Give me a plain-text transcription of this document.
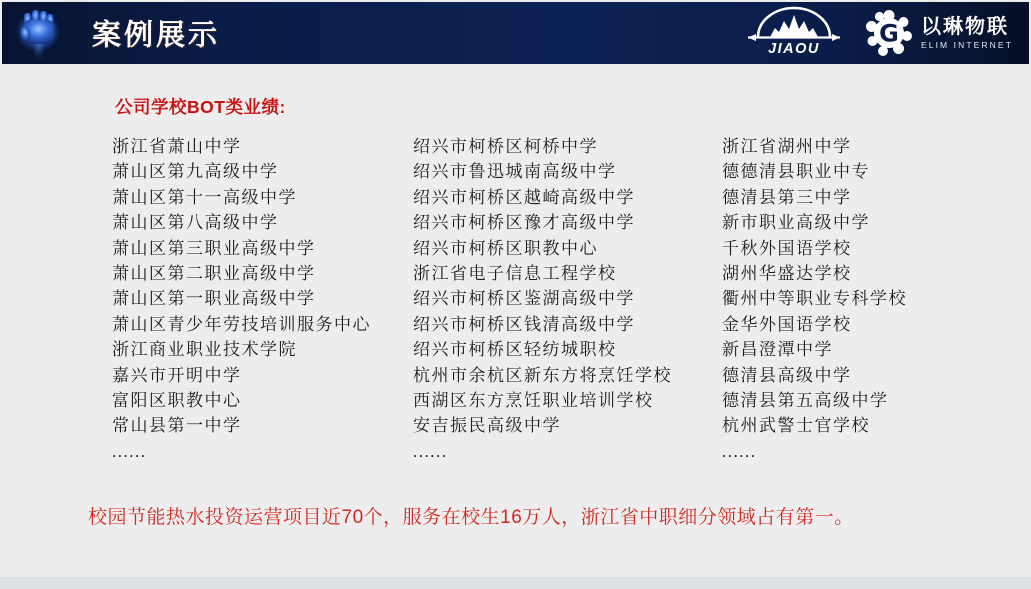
案例展示	JIAOU
G 以琳物联
ELIM INTERNET
公司学校BOT类业绩:
浙江省萧山中学
萧山区第九高级中学
萧山区第十一高级中学
萧山区第八高级中学
萧山区第三职业高级中学
萧山区第二职业高级中学
萧山区第一职业高级中学
萧山区青少年劳技培训服务中心
浙江商业职业技术学院
嘉兴市开明中学
富阳区职教中心
常山县第一中学
......
绍兴市柯桥区柯桥中学
绍兴市鲁迅城南高级中学
绍兴市柯桥区越崎高级中学
绍兴市柯桥区豫才高级中学
绍兴市柯桥区职教中心
浙江省电子信息工程学校
绍兴市柯桥区鉴湖高级中学
绍兴市柯桥区钱清高级中学
绍兴市柯桥区轻纺城职校
杭州市余杭区新东方将烹饪学校
西湖区东方烹饪职业培训学校
安吉振民高级中学
......
浙江省湖州中学
德德清县职业中专
德清县第三中学
新市职业高级中学
千秋外国语学校
湖州华盛达学校
衢州中等职业专科学校
金华外国语学校
新昌澄潭中学
德清县高级中学
德清县第五高级中学
杭州武警士官学校
......
校园节能热水投资运营项目近70个，服务在校生16万人，浙江省中职细分领域占有第一。
